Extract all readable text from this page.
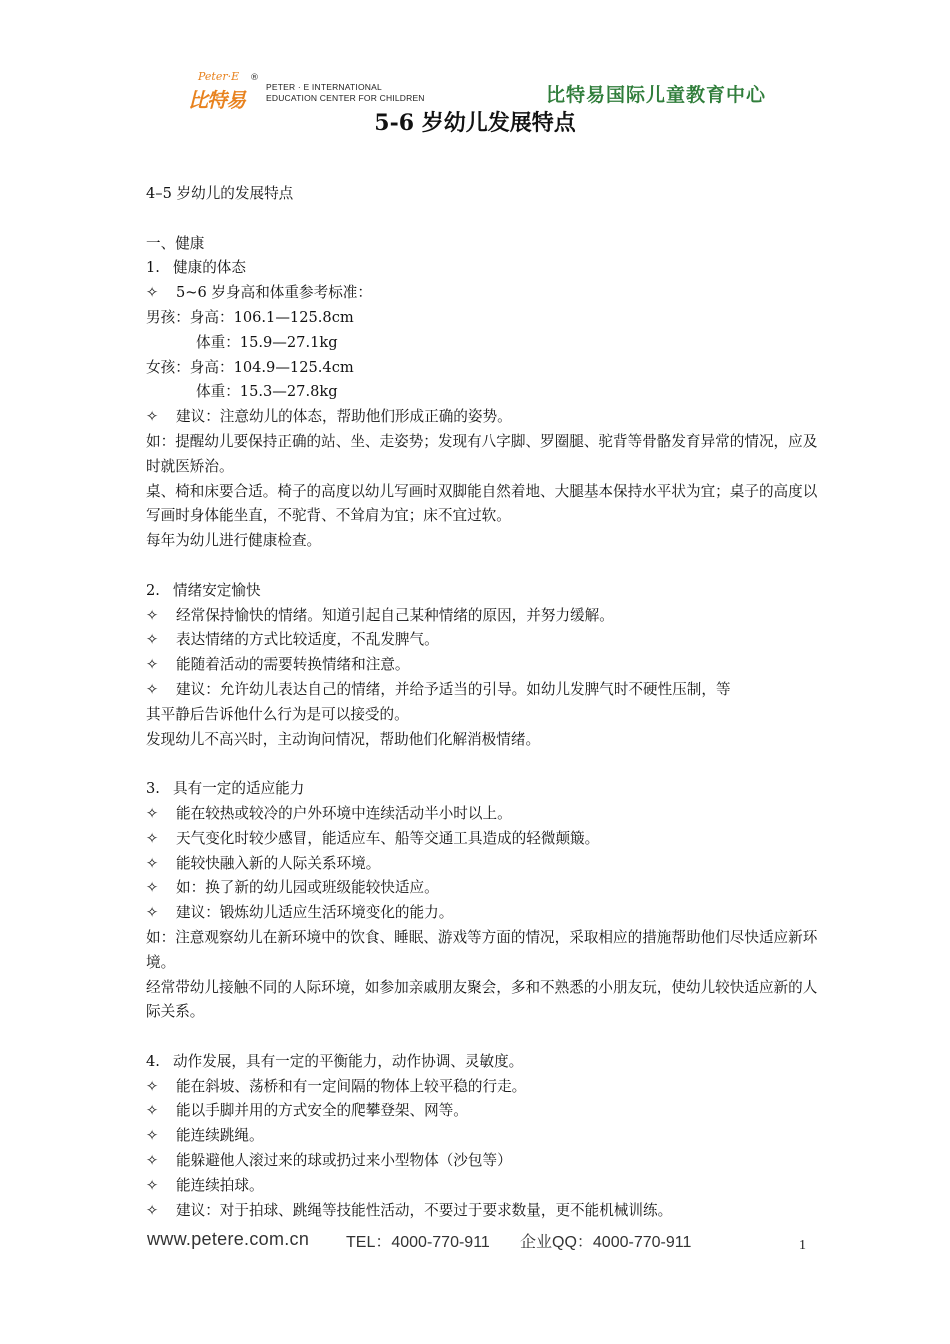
Peter·E
比特易
®
PETER · E INTERNATIONAL
EDUCATION CENTER FOR CHILDREN	比特易国际儿童教育中心
5-6 岁幼儿发展特点
4–5 岁幼儿的发展特点
一、健康
1. 健康的体态
✧ 5~6 岁身高和体重参考标准：
男孩：身高：106.1—125.8cm
体重：15.9—27.1kg
女孩：身高：104.9—125.4cm
体重：15.3—27.8kg
✧ 建议：注意幼儿的体态，帮助他们形成正确的姿势。
如：提醒幼儿要保持正确的站、坐、走姿势；发现有八字脚、罗圈腿、驼背等骨骼发育异常的情况，应及时就医矫治。
桌、椅和床要合适。椅子的高度以幼儿写画时双脚能自然着地、大腿基本保持水平状为宜；桌子的高度以写画时身体能坐直，不驼背、不耸肩为宜；床不宜过软。
每年为幼儿进行健康检查。
2. 情绪安定愉快
✧ 经常保持愉快的情绪。知道引起自己某种情绪的原因，并努力缓解。
✧ 表达情绪的方式比较适度，不乱发脾气。
✧ 能随着活动的需要转换情绪和注意。
✧ 建议：允许幼儿表达自己的情绪，并给予适当的引导。如幼儿发脾气时不硬性压制，等
其平静后告诉他什么行为是可以接受的。
发现幼儿不高兴时，主动询问情况，帮助他们化解消极情绪。
3. 具有一定的适应能力
✧ 能在较热或较冷的户外环境中连续活动半小时以上。
✧ 天气变化时较少感冒，能适应车、船等交通工具造成的轻微颠簸。
✧ 能较快融入新的人际关系环境。
✧ 如：换了新的幼儿园或班级能较快适应。
✧ 建议：锻炼幼儿适应生活环境变化的能力。
如：注意观察幼儿在新环境中的饮食、睡眠、游戏等方面的情况，采取相应的措施帮助他们尽快适应新环境。
经常带幼儿接触不同的人际环境，如参加亲戚朋友聚会，多和不熟悉的小朋友玩，使幼儿较快适应新的人际关系。
4. 动作发展，具有一定的平衡能力，动作协调、灵敏度。
✧ 能在斜坡、荡桥和有一定间隔的物体上较平稳的行走。
✧ 能以手脚并用的方式安全的爬攀登架、网等。
✧ 能连续跳绳。
✧ 能躲避他人滚过来的球或扔过来小型物体（沙包等）
✧ 能连续拍球。
✧ 建议：对于拍球、跳绳等技能性活动，不要过于要求数量，更不能机械训练。
www.petere.com.cn TEL：4000-770-911 企业QQ：4000-770-911	1
